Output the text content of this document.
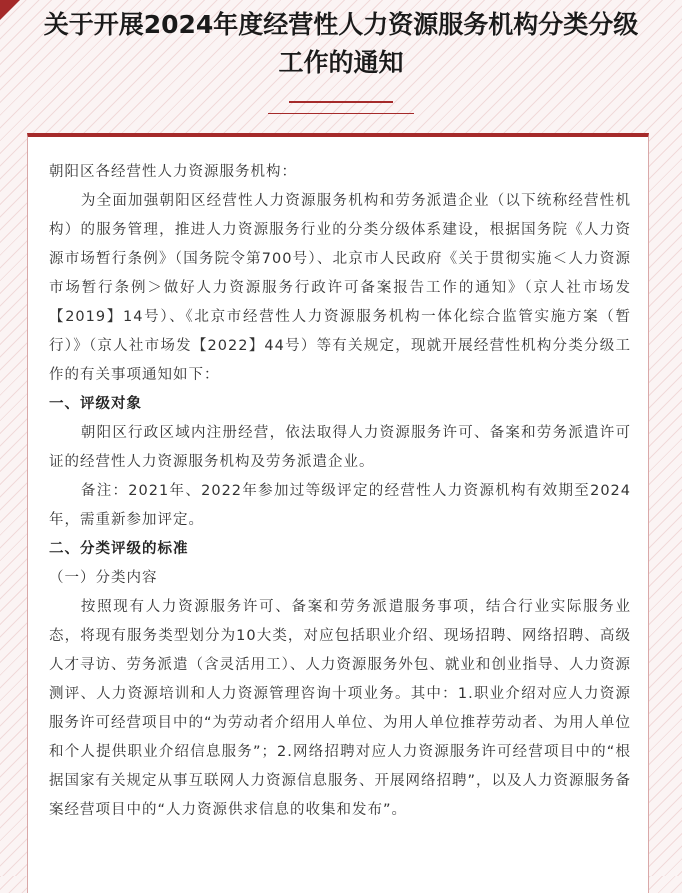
关于开展2024年度经营性人力资源服务机构分类分级
工作的通知

朝阳区各经营性人力资源服务机构：

为全面加强朝阳区经营性人力资源服务机构和劳务派遣企业（以下统称经营性机构）的服务管理，推进人力资源服务行业的分类分级体系建设，根据国务院《人力资源市场暂行条例》（国务院令第700号）、北京市人民政府《关于贯彻实施＜人力资源市场暂行条例＞做好人力资源服务行政许可备案报告工作的通知》（京人社市场发【2019】14号）、《北京市经营性人力资源服务机构一体化综合监管实施方案（暂行）》（京人社市场发【2022】44号）等有关规定，现就开展经营性机构分类分级工作的有关事项通知如下：

一、评级对象

朝阳区行政区域内注册经营，依法取得人力资源服务许可、备案和劳务派遣许可证的经营性人力资源服务机构及劳务派遣企业。

备注：2021年、2022年参加过等级评定的经营性人力资源机构有效期至2024年，需重新参加评定。

二、分类评级的标准

（一）分类内容

按照现有人力资源服务许可、备案和劳务派遣服务事项，结合行业实际服务业态，将现有服务类型划分为10大类，对应包括职业介绍、现场招聘、网络招聘、高级人才寻访、劳务派遣（含灵活用工）、人力资源服务外包、就业和创业指导、人力资源测评、人力资源培训和人力资源管理咨询十项业务。其中：1.职业介绍对应人力资源服务许可经营项目中的“为劳动者介绍用人单位、为用人单位推荐劳动者、为用人单位和个人提供职业介绍信息服务”；2.网络招聘对应人力资源服务许可经营项目中的“根据国家有关规定从事互联网人力资源信息服务、开展网络招聘”，以及人力资源服务备案经营项目中的“人力资源供求信息的收集和发布”。
